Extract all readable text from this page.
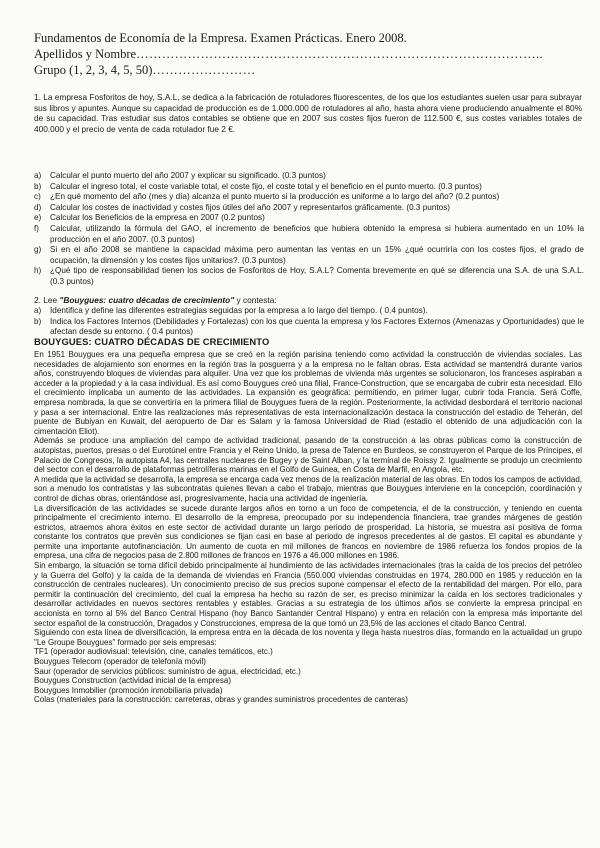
Fundamentos de Economía de la Empresa. Examen Prácticas. Enero 2008.
Apellidos y Nombre…………………………………………………………………………………..
Grupo (1, 2, 3, 4, 5, 50)……………………
1. La empresa Fosforitos de hoy, S.A.L, se dedica a la fabricación de rotuladores fluorescentes, de los que los estudiantes suelen usar para subrayar sus libros y apuntes. Aunque su capacidad de producción es de 1.000.000 de rotuladores al año, hasta ahora viene produciendo anualmente el 80% de su capacidad. Tras estudiar sus datos contables se obtiene que en 2007 sus costes fijos fueron de 112.500 €, sus costes variables totales de 400.000 y el precio de venta de cada rotulador fue 2 €.
a)	Calcular el punto muerto del año 2007 y explicar su significado. (0.3 puntos)
b)	Calcular el ingreso total, el coste variable total, el coste fijo, el coste total y el beneficio en el punto muerto. (0.3 puntos)
c)	¿En qué momento del año (mes y día) alcanza el punto muerto si la producción es uniforme a lo largo del año? (0.2 puntos)
d)	Calcular los costes de inactividad y costes fijos útiles del año 2007 y representarlos gráficamente. (0.3 puntos)
e)	Calcular los Beneficios de la empresa en 2007 (0.2 puntos)
f)	Calcular, utilizando la fórmula del GAO, el incremento de beneficios que hubiera obtenido la empresa si hubiera aumentado en un 10% la producción en el año 2007. (0.3 puntos)
g)	Si en el año 2008 se mantiene la capacidad máxima pero aumentan las ventas en un 15% ¿qué ocurriría con los costes fijos, el grado de ocupación, la dimensión y los costes fijos unitarios?. (0.3 puntos)
h)	¿Qué tipo de responsabilidad tienen los socios de Fosforitos de Hoy, S.A.L? Comenta brevemente en qué se diferencia una S.A. de una S.A.L. (0.3 puntos)
2. Lee "Bouygues: cuatro décadas de crecimiento" y contesta:
a)	Identifica y define las diferentes estrategias seguidas por la empresa a lo largo del tiempo. ( 0.4 puntos).
b)	Indica los Factores Internos (Debilidades y Fortalezas) con los que cuenta la empresa y los Factores Externos (Amenazas y Oportunidades) que le afectan desde su entorno. ( 0.4 puntos)
BOUYGUES: CUATRO DÉCADAS DE CRECIMIENTO

En 1951 Bouygues era una pequeña empresa que se creó en la región parisina teniendo como actividad la construcción de viviendas sociales. Las necesidades de alojamiento son enormes en la región tras la posguerra y a la empresa no le faltan obras. Esta actividad se mantendrá durante varios años, construyendo bloques de viviendas para alquiler. Una vez que los problemas de vivienda más urgentes se solucionaron, los franceses aspiraban a acceder a la propiedad y a la casa individual. Es así como Bouygues creó una filial, France-Construction, que se encargaba de cubrir esta necesidad. Ello el crecimiento implicaba un aumento de las actividades. La expansión es geográfica: permitiendo, en primer lugar, cubrir toda Francia. Será Coffe, empresa nombrada, la que se convertiría en la primera filial de Bouygues fuera de la región. Posteriormente, la actividad desbordará el territorio nacional y pasa a ser internacional. Entre las realizaciones más representativas de esta internacionalización destaca la construcción del estadio de Teherán, del puente de Bubiyan en Kuwait, del aeropuerto de Dar es Salam y la famosa Universidad de Riad (estadio el obtenido de una adjudicación con la cimentación Eliot).

Además se produce una ampliación del campo de actividad tradicional, pasando de la construcción a las obras públicas como la construcción de autopistas, puertos, presas o del Eurotúnel entre Francia y el Reino Unido, la presa de Talence en Burdeos, se construyeron el Parque de los Príncipes, el Palacio de Congresos, la autopista A4, las centrales nucleares de Bugey y de Saint Alban, y la terminal de Roissy 2. Igualmente se produjo un crecimiento del sector con el desarrollo de plataformas petrolíferas marinas en el Golfo de Guinea, en Costa de Marfil, en Angola, etc.

A medida que la actividad se desarrolla, la empresa se encarga cada vez menos de la realización material de las obras. En todos los campos de actividad, son a menudo los contratistas y las subcontratas quienes llevan a cabo el trabajo, mientras que Bouygues interviene en la concepción, coordinación y control de dichas obras, orientándose así, progresivamente, hacia una actividad de ingeniería.

La diversificación de las actividades se sucede durante largos años en torno a un foco de competencia, el de la construcción, y teniendo en cuenta principalmente el crecimiento interno. El desarrollo de la empresa, preocupado por su independencia financiera, trae grandes márgenes de gestión estrictos, atraemos ahora éxitos en este sector de actividad durante un largo periodo de prosperidad. La historia, se muestra así positiva de forma constante los contratos que prevén sus condiciones se fijan casi en base al periodo de ingresos precedentes al de gastos. El capital es abundante y permite una importante autofinanciación. Un aumento de cuota en mil millones de francos en noviembre de 1986 refuerza los fondos propios de la empresa, una cifra de negocios pasa de 2.800 millones de francos en 1976 a 46.000 millones en 1986.

Sin embargo, la situación se torna difícil debido principalmente al hundimiento de las actividades internacionales (tras la caída de los precios del petróleo y la Guerra del Golfo) y la caída de la demanda de viviendas en Francia (550.000 viviendas construidas en 1974, 280.000 en 1985 y reducción en la construcción de centrales nucleares). Un conocimiento preciso de sus precios supone compensar el efecto de la rentabilidad del margen. Por ello, para permitir la continuación del crecimiento, del cual la empresa ha hecho su razón de ser, es preciso minimizar la caída en los sectores tradicionales y desarrollar actividades en nuevos sectores rentables y estables. Gracias a su estrategia de los últimos años se convierte la empresa principal en accionista en torno al 5% del Banco Central Hispano (hoy Banco Santander Central Hispano) y entra en relación con la empresa más importante del sector español de la construcción, Dragados y Construcciones, empresa de la que tomó un 23,5% de las acciones el citado Banco Central.

Siguiendo con esta línea de diversificación, la empresa entra en la década de los noventa y llega hasta nuestros días, formando en la actualidad un grupo "Le Groupe Bouygues" formado por seis empresas:

TF1 (operador audiovisual: televisión, cine, canales temáticos, etc.)
Bouygues Telecom (operador de telefonía móvil)
Saur (operador de servicios públicos: suministro de agua, electricidad, etc.)
Bouygues Construction (actividad inicial de la empresa)
Bouygues Inmobilier (promoción inmobiliaria privada)
Colas (materiales para la construcción: carreteras, obras y grandes suministros procedentes de canteras)
